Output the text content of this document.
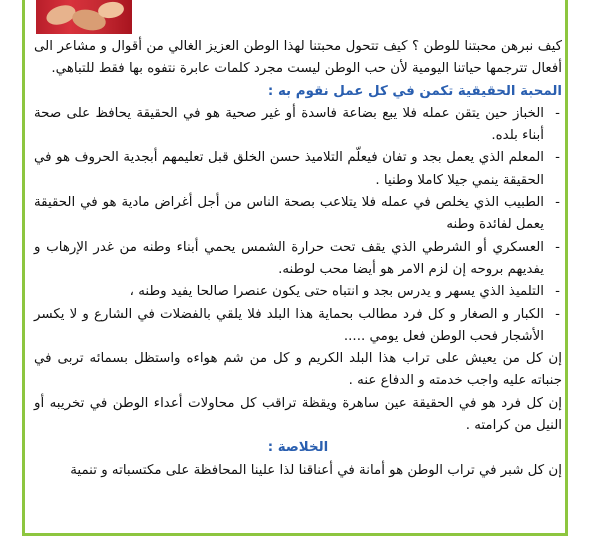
كيف نبرهن محبتنا للوطن ؟ كيف تتحول محبتنا لهذا الوطن العزيز الغالي من أقوال و مشاعر الى أفعال تترجمها حياتنا اليومية لأن حب الوطن ليست مجرد كلمات عابرة نتفوه بها فقط للتباهي.

المحبة الحقيقية تكمن في كل عمل نقوم به :

- الخباز حين يتقن عمله فلا يبع بضاعة فاسدة أو غير صحية هو في الحقيقة يحافظ على صحة أبناء بلده.
- المعلم الذي يعمل بجد و تفان فيعلّم التلاميذ حسن الخلق قبل تعليمهم أبجدية الحروف هو في الحقيقة ينمي جيلا كاملا وطنيا .
- الطبيب الذي يخلص في عمله فلا يتلاعب بصحة الناس من أجل أغراض مادية هو في الحقيقة يعمل لفائدة وطنه
- العسكري أو الشرطي الذي يقف تحت حرارة الشمس يحمي أبناء وطنه من غدر الإرهاب و يفديهم بروحه إن لزم الامر هو أيضا محب لوطنه.
- التلميذ الذي يسهر و يدرس بجد و انتباه حتى يكون عنصرا صالحا يفيد وطنه ،
- الكبار و الصغار و كل فرد مطالب بحماية هذا البلد فلا يلقي بالفضلات في الشارع و لا يكسر الأشجار فحب الوطن فعل يومي .....

إن كل من يعيش على تراب هذا البلد الكريم و كل من شم هواءه واستظل بسمائه تربى في جنباته عليه واجب خدمته و الدفاع عنه .

إن كل فرد هو في الحقيقة عين ساهرة ويقظة تراقب كل محاولات أعداء الوطن في تخريبه أو النيل من كرامته .

الخلاصة :

إن كل شبر في تراب الوطن هو أمانة في أعناقنا لذا علينا المحافظة على مكتسباته و تنمية
